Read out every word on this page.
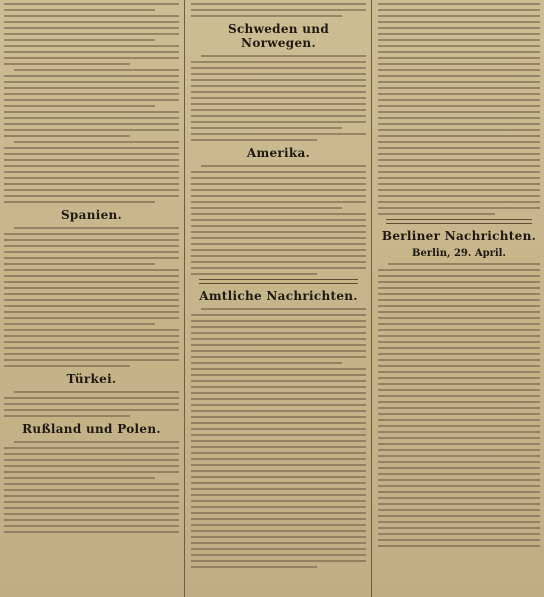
Spanien.
Türkei.
Rußland und Polen.
Schweden und Norwegen.
Amerika.
Amtliche Nachrichten.
Berliner Nachrichten.
Berlin, 29. April.
